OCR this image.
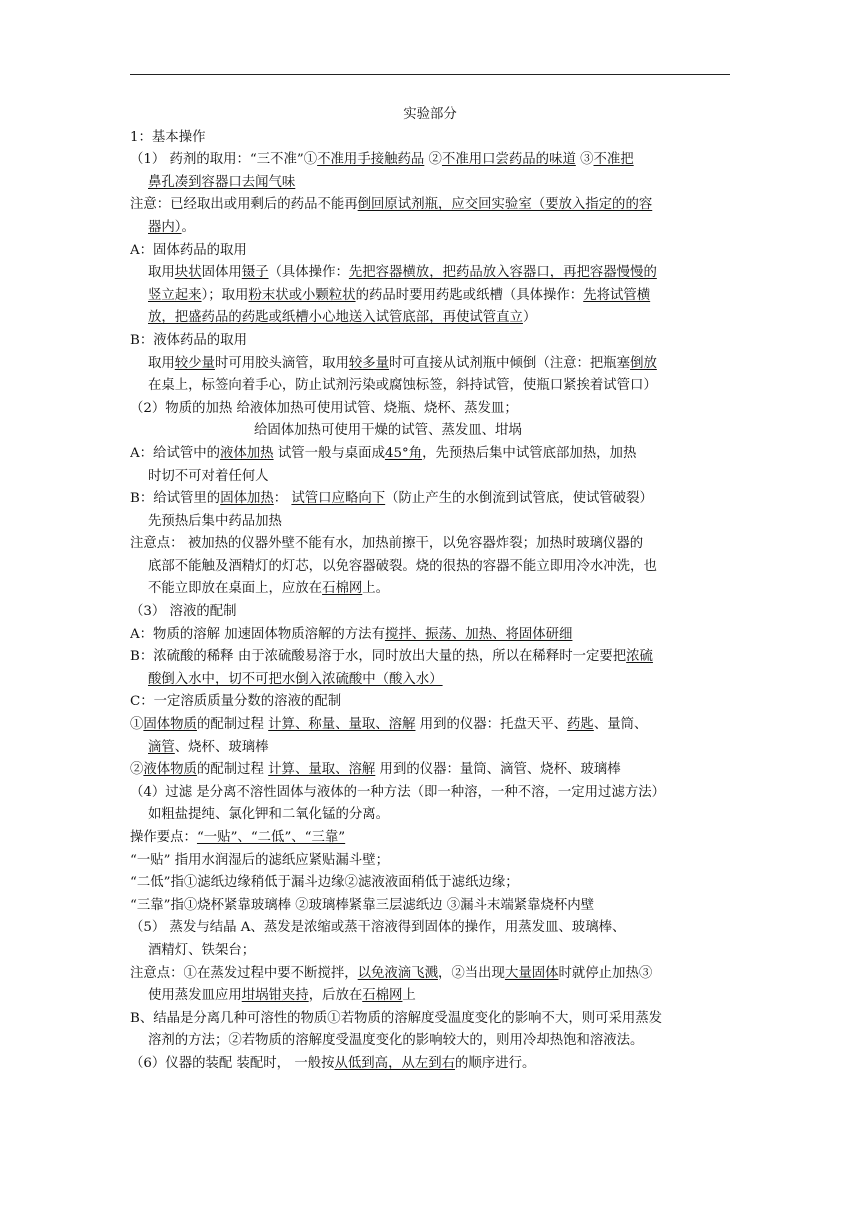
实验部分
1：基本操作
（1） 药剂的取用：“三不准”①不准用手接触药品 ②不准用口尝药品的味道 ③不准把
鼻孔凑到容器口去闻气味
注意：已经取出或用剩后的药品不能再倒回原试剂瓶，应交回实验室（要放入指定的的容
器内）。
A：固体药品的取用
取用块状固体用镊子（具体操作：先把容器横放，把药品放入容器口，再把容器慢慢的
竖立起来）；取用粉末状或小颗粒状的药品时要用药匙或纸槽（具体操作：先将试管横
放，把盛药品的药匙或纸槽小心地送入试管底部，再使试管直立）
B：液体药品的取用
取用较少量时可用胶头滴管，取用较多量时可直接从试剂瓶中倾倒（注意：把瓶塞倒放
在桌上，标签向着手心，防止试剂污染或腐蚀标签，斜持试管，使瓶口紧挨着试管口）
（2）物质的加热 给液体加热可使用试管、烧瓶、烧杯、蒸发皿；
给固体加热可使用干燥的试管、蒸发皿、坩埚
A：给试管中的液体加热 试管一般与桌面成45°角，先预热后集中试管底部加热，加热
时切不可对着任何人
B：给试管里的固体加热： 试管口应略向下（防止产生的水倒流到试管底，使试管破裂）
先预热后集中药品加热
注意点： 被加热的仪器外壁不能有水，加热前擦干，以免容器炸裂；加热时玻璃仪器的
底部不能触及酒精灯的灯芯，以免容器破裂。烧的很热的容器不能立即用冷水冲洗，也
不能立即放在桌面上，应放在石棉网上。
（3） 溶液的配制
A：物质的溶解 加速固体物质溶解的方法有搅拌、振荡、加热、将固体研细
B：浓硫酸的稀释 由于浓硫酸易溶于水，同时放出大量的热，所以在稀释时一定要把浓硫
酸倒入水中，切不可把水倒入浓硫酸中（酸入水）
C：一定溶质质量分数的溶液的配制
①固体物质的配制过程 计算、称量、量取、溶解 用到的仪器：托盘天平、药匙、量筒、
滴管、烧杯、玻璃棒
②液体物质的配制过程 计算、量取、溶解 用到的仪器：量筒、滴管、烧杯、玻璃棒
（4）过滤 是分离不溶性固体与液体的一种方法（即一种溶，一种不溶，一定用过滤方法）
如粗盐提纯、氯化钾和二氧化锰的分离。
操作要点：“一贴”、“二低”、“三靠”
“一贴” 指用水润湿后的滤纸应紧贴漏斗壁；
“二低”指①滤纸边缘稍低于漏斗边缘②滤液液面稍低于滤纸边缘；
“三靠”指①烧杯紧靠玻璃棒 ②玻璃棒紧靠三层滤纸边 ③漏斗末端紧靠烧杯内壁
（5） 蒸发与结晶 A、蒸发是浓缩或蒸干溶液得到固体的操作，用蒸发皿、玻璃棒、
酒精灯、铁架台；
注意点：①在蒸发过程中要不断搅拌，以免液滴飞溅，②当出现大量固体时就停止加热③
使用蒸发皿应用坩埚钳夹持，后放在石棉网上
B、结晶是分离几种可溶性的物质①若物质的溶解度受温度变化的影响不大，则可采用蒸发
溶剂的方法；②若物质的溶解度受温度变化的影响较大的，则用冷却热饱和溶液法。
（6）仪器的装配 装配时， 一般按从低到高，从左到右的顺序进行。
